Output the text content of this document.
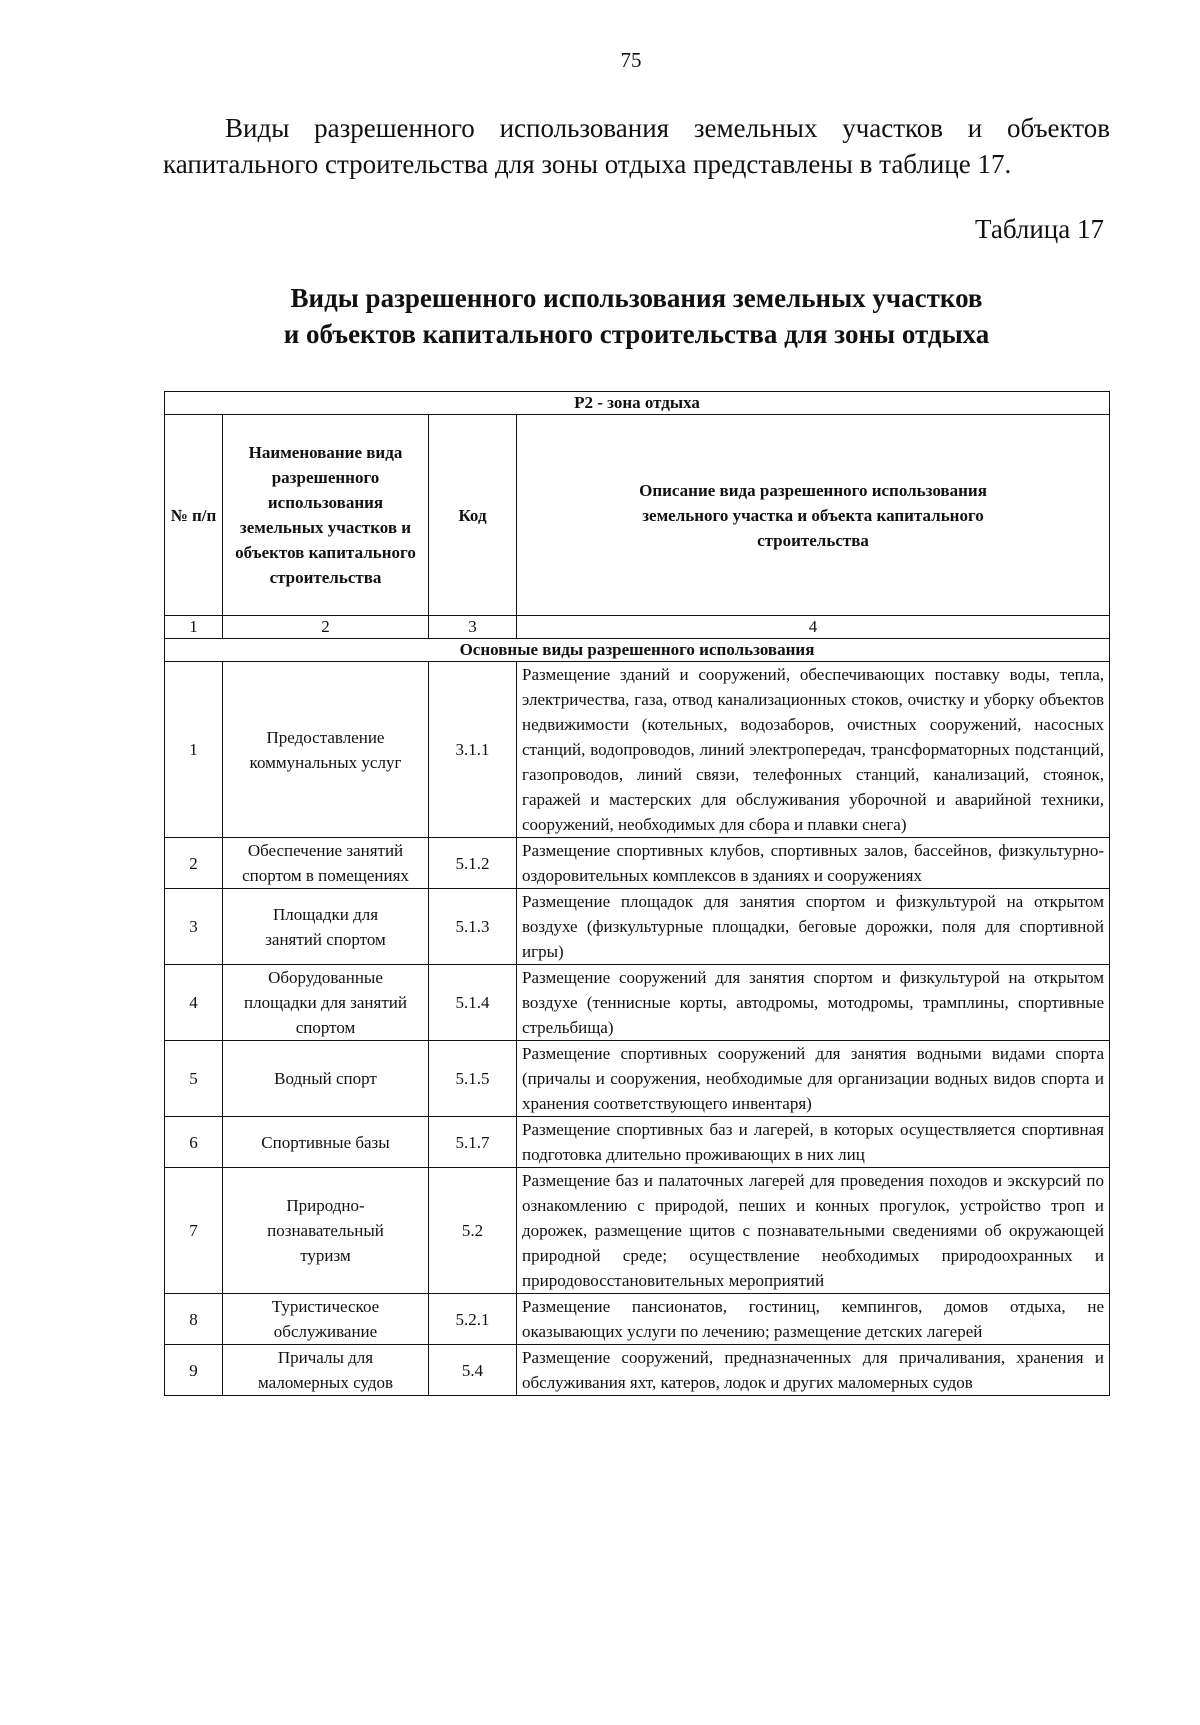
75

Виды разрешенного использования земельных участков и объектов капитального строительства для зоны отдыха представлены в таблице 17.

Таблица 17
Виды разрешенного использования земельных участков
и объектов капитального строительства для зоны отдыха
Р2 - зона отдыха			
№ п/п	Наименование вида разрешенного использования земельных участков и объектов капитального строительства	Код	Описание вида разрешенного использования земельного участка и объекта капитального строительства
1	2	3	4
Основные виды разрешенного использования			
1	Предоставление коммунальных услуг	3.1.1	Размещение зданий и сооружений, обеспечивающих поставку воды, тепла, электричества, газа, отвод канализационных стоков, очистку и уборку объектов недвижимости (котельных, водозаборов, очистных сооружений, насосных станций, водопроводов, линий электропередач, трансформаторных подстанций, газопроводов, линий связи, телефонных станций, канализаций, стоянок, гаражей и мастерских для обслуживания уборочной и аварийной техники, сооружений, необходимых для сбора и плавки снега)
2	Обеспечение занятий спортом в помещениях	5.1.2	Размещение спортивных клубов, спортивных залов, бассейнов, физкультурно-оздоровительных комплексов в зданиях и сооружениях
3	Площадки для занятий спортом	5.1.3	Размещение площадок для занятия спортом и физкультурой на открытом воздухе (физкультурные площадки, беговые дорожки, поля для спортивной игры)
4	Оборудованные площадки для занятий спортом	5.1.4	Размещение сооружений для занятия спортом и физкультурой на открытом воздухе (теннисные корты, автодромы, мотодромы, трамплины, спортивные стрельбища)
5	Водный спорт	5.1.5	Размещение спортивных сооружений для занятия водными видами спорта (причалы и сооружения, необходимые для организации водных видов спорта и хранения соответствующего инвентаря)
6	Спортивные базы	5.1.7	Размещение спортивных баз и лагерей, в которых осуществляется спортивная подготовка длительно проживающих в них лиц
7	Природно-познавательный туризм	5.2	Размещение баз и палаточных лагерей для проведения походов и экскурсий по ознакомлению с природой, пеших и конных прогулок, устройство троп и дорожек, размещение щитов с познавательными сведениями об окружающей природной среде; осуществление необходимых природоохранных и природовосстановительных мероприятий
8	Туристическое обслуживание	5.2.1	Размещение пансионатов, гостиниц, кемпингов, домов отдыха, не оказывающих услуги по лечению; размещение детских лагерей
9	Причалы для маломерных судов	5.4	Размещение сооружений, предназначенных для причаливания, хранения и обслуживания яхт, катеров, лодок и других маломерных судов
